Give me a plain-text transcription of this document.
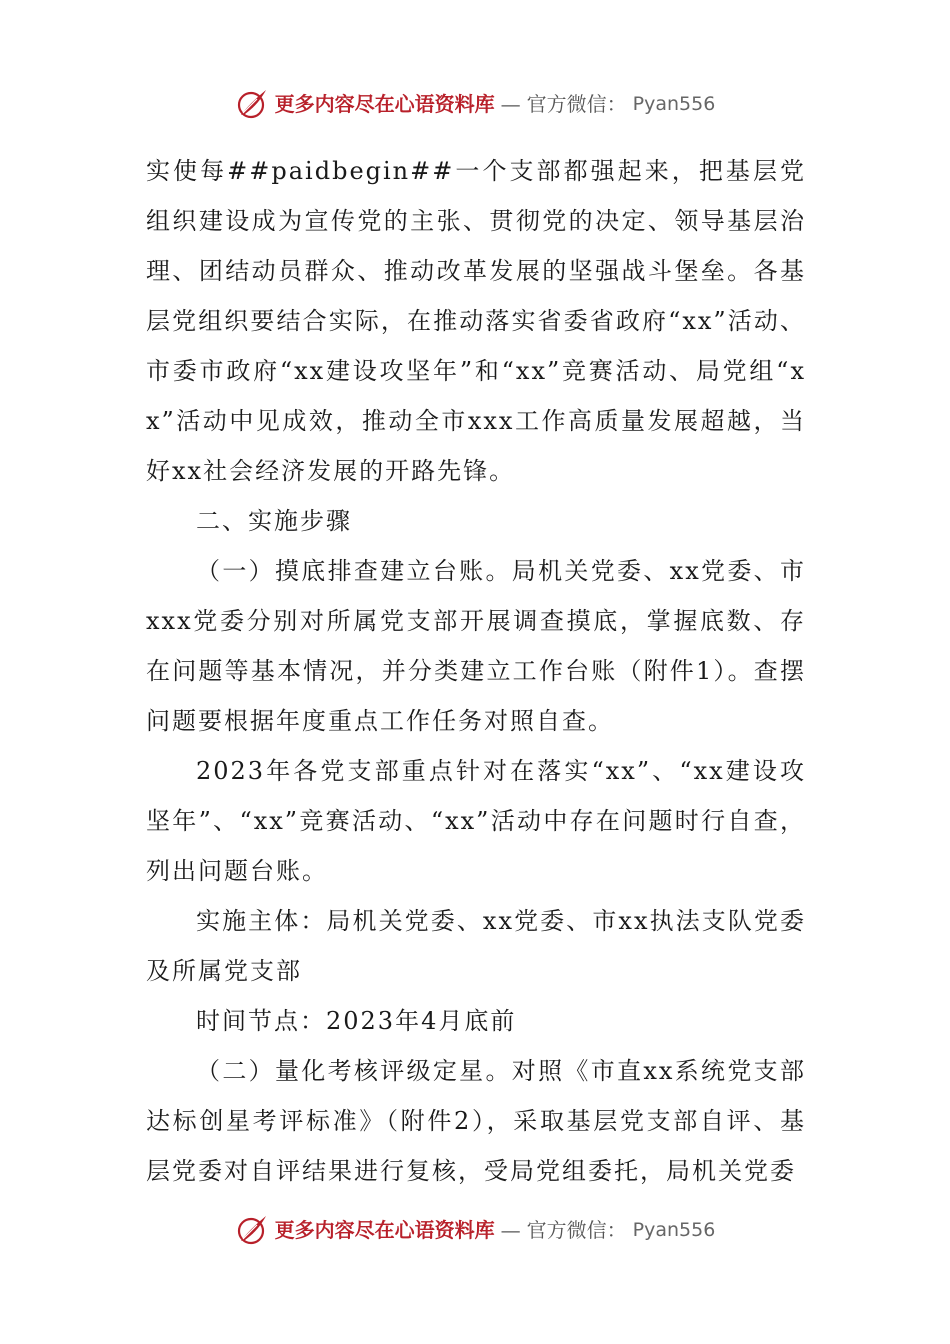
更多内容尽在心语资料库 — 官方微信： Pyan556

实使每##paidbegin##一个支部都强起来，把基层党组织建设成为宣传党的主张、贯彻党的决定、领导基层治理、团结动员群众、推动改革发展的坚强战斗堡垒。各基层党组织要结合实际，在推动落实省委省政府“xx”活动、市委市政府“xx建设攻坚年”和“xx”竞赛活动、局党组“xx”活动中见成效，推动全市xxx工作高质量发展超越，当好xx社会经济发展的开路先锋。

二、实施步骤

（一）摸底排查建立台账。局机关党委、xx党委、市xxx党委分别对所属党支部开展调查摸底，掌握底数、存在问题等基本情况，并分类建立工作台账（附件1）。查摆问题要根据年度重点工作任务对照自查。

2023年各党支部重点针对在落实“xx”、“xx建设攻坚年”、“xx”竞赛活动、“xx”活动中存在问题时行自查，列出问题台账。

实施主体：局机关党委、xx党委、市xx执法支队党委及所属党支部

时间节点：2023年4月底前

（二）量化考核评级定星。对照《市直xx系统党支部达标创星考评标准》（附件2），采取基层党支部自评、基层党委对自评结果进行复核，受局党组委托，局机关党委

更多内容尽在心语资料库 — 官方微信： Pyan556
